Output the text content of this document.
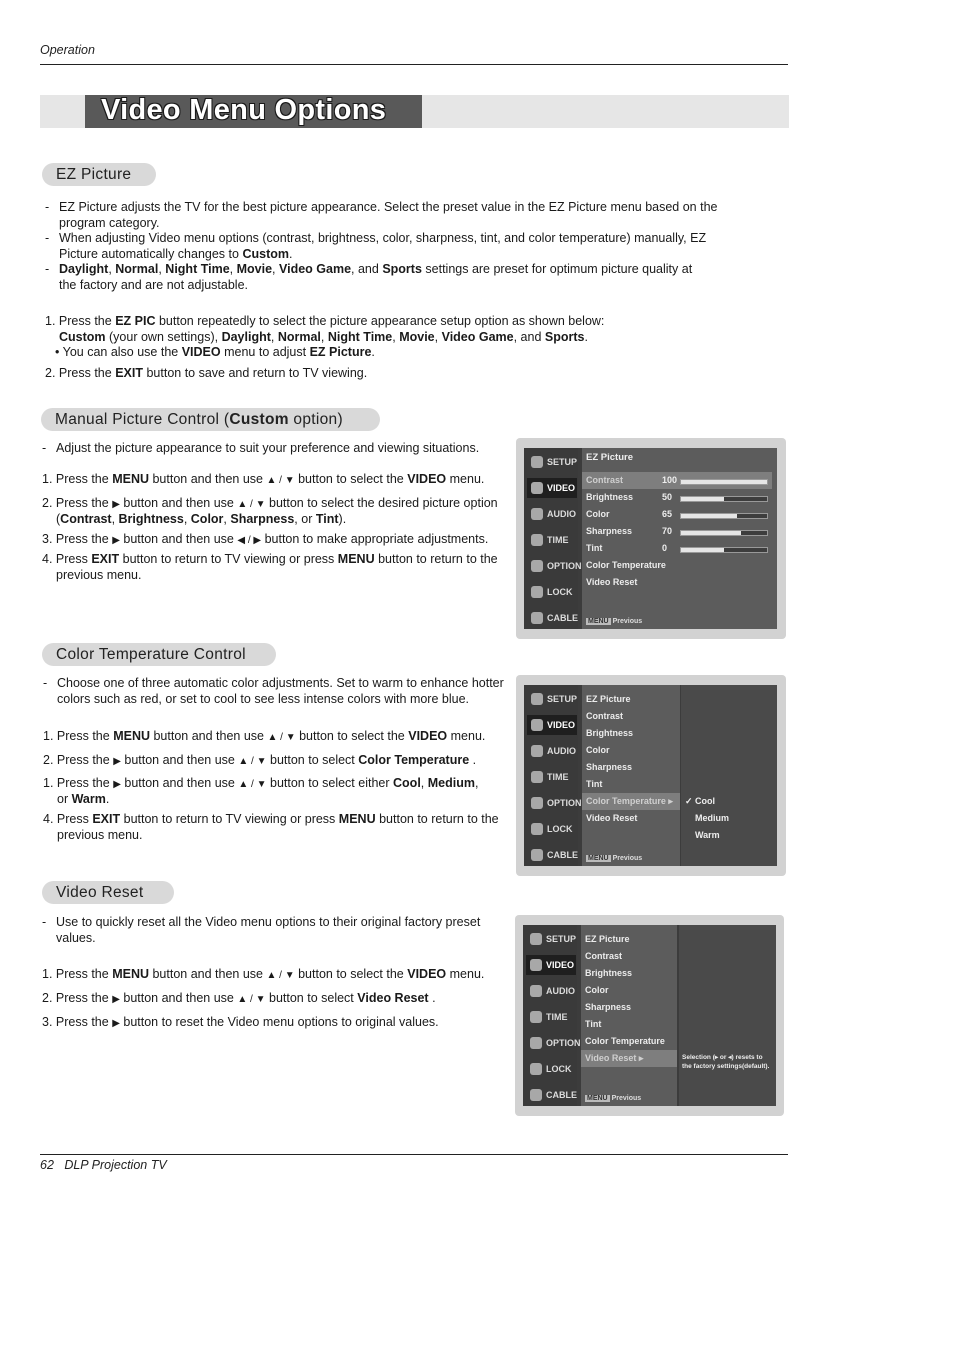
Operation
Video Menu Options
EZ Picture
- EZ Picture adjusts the TV for the best picture appearance. Select the preset value in the EZ Picture menu based on the
program category.
- When adjusting Video menu options (contrast, brightness, color, sharpness, tint, and color temperature) manually, EZ
Picture automatically changes to Custom.
- Daylight, Normal, Night Time, Movie, Video Game, and Sports settings are preset for optimum picture quality at
the factory and are not adjustable.
1. Press the EZ PIC button repeatedly to select the picture appearance setup option as shown below:
Custom (your own settings), Daylight, Normal, Night Time, Movie, Video Game, and Sports.
• You can also use the VIDEO menu to adjust EZ Picture.
2. Press the EXIT button to save and return to TV viewing.
Manual Picture Control (Custom option)
- Adjust the picture appearance to suit your preference and viewing situations.
1. Press the MENU button and then use ▲ / ▼ button to select the VIDEO menu.
2. Press the ▶ button and then use ▲ / ▼ button to select the desired picture option
(Contrast, Brightness, Color, Sharpness, or Tint).
3. Press the ▶ button and then use ◀ / ▶ button to make appropriate adjustments.
4. Press EXIT button to return to TV viewing or press MENU button to return to the
previous menu.
SETUP
VIDEO
AUDIO
TIME
OPTION
LOCK
CABLE
EZ Picture
Contrast
Brightness
Color
Sharpness
Tint
Color Temperature
Video Reset
100
50
65
70
0
MENU Previous
Color Temperature Control
- Choose one of three automatic color adjustments. Set to warm to enhance hotter
colors such as red, or set to cool to see less intense colors with more blue.
1. Press the MENU button and then use ▲ / ▼ button to select the VIDEO menu.
2. Press the ▶ button and then use ▲ / ▼ button to select Color Temperature .
1. Press the ▶ button and then use ▲ / ▼ button to select either Cool, Medium,
or Warm.
4. Press EXIT button to return to TV viewing or press MENU button to return to the
previous menu.
SETUP
VIDEO
AUDIO
TIME
OPTION
LOCK
CABLE
EZ Picture
Contrast
Brightness
Color
Sharpness
Tint
Color Temperature ▸
Video Reset
MENU Previous
✓ Cool
Medium
Warm
Video Reset
- Use to quickly reset all the Video menu options to their original factory preset
values.
1. Press the MENU button and then use ▲ / ▼ button to select the VIDEO menu.
2. Press the ▶ button and then use ▲ / ▼ button to select Video Reset .
3. Press the ▶ button to reset the Video menu options to original values.
SETUP
VIDEO
AUDIO
TIME
OPTION
LOCK
CABLE
EZ Picture
Contrast
Brightness
Color
Sharpness
Tint
Color Temperature
Video Reset ▸
MENU Previous
Selection (▸ or ◂) resets to
the factory settings(default).
62 DLP Projection TV
